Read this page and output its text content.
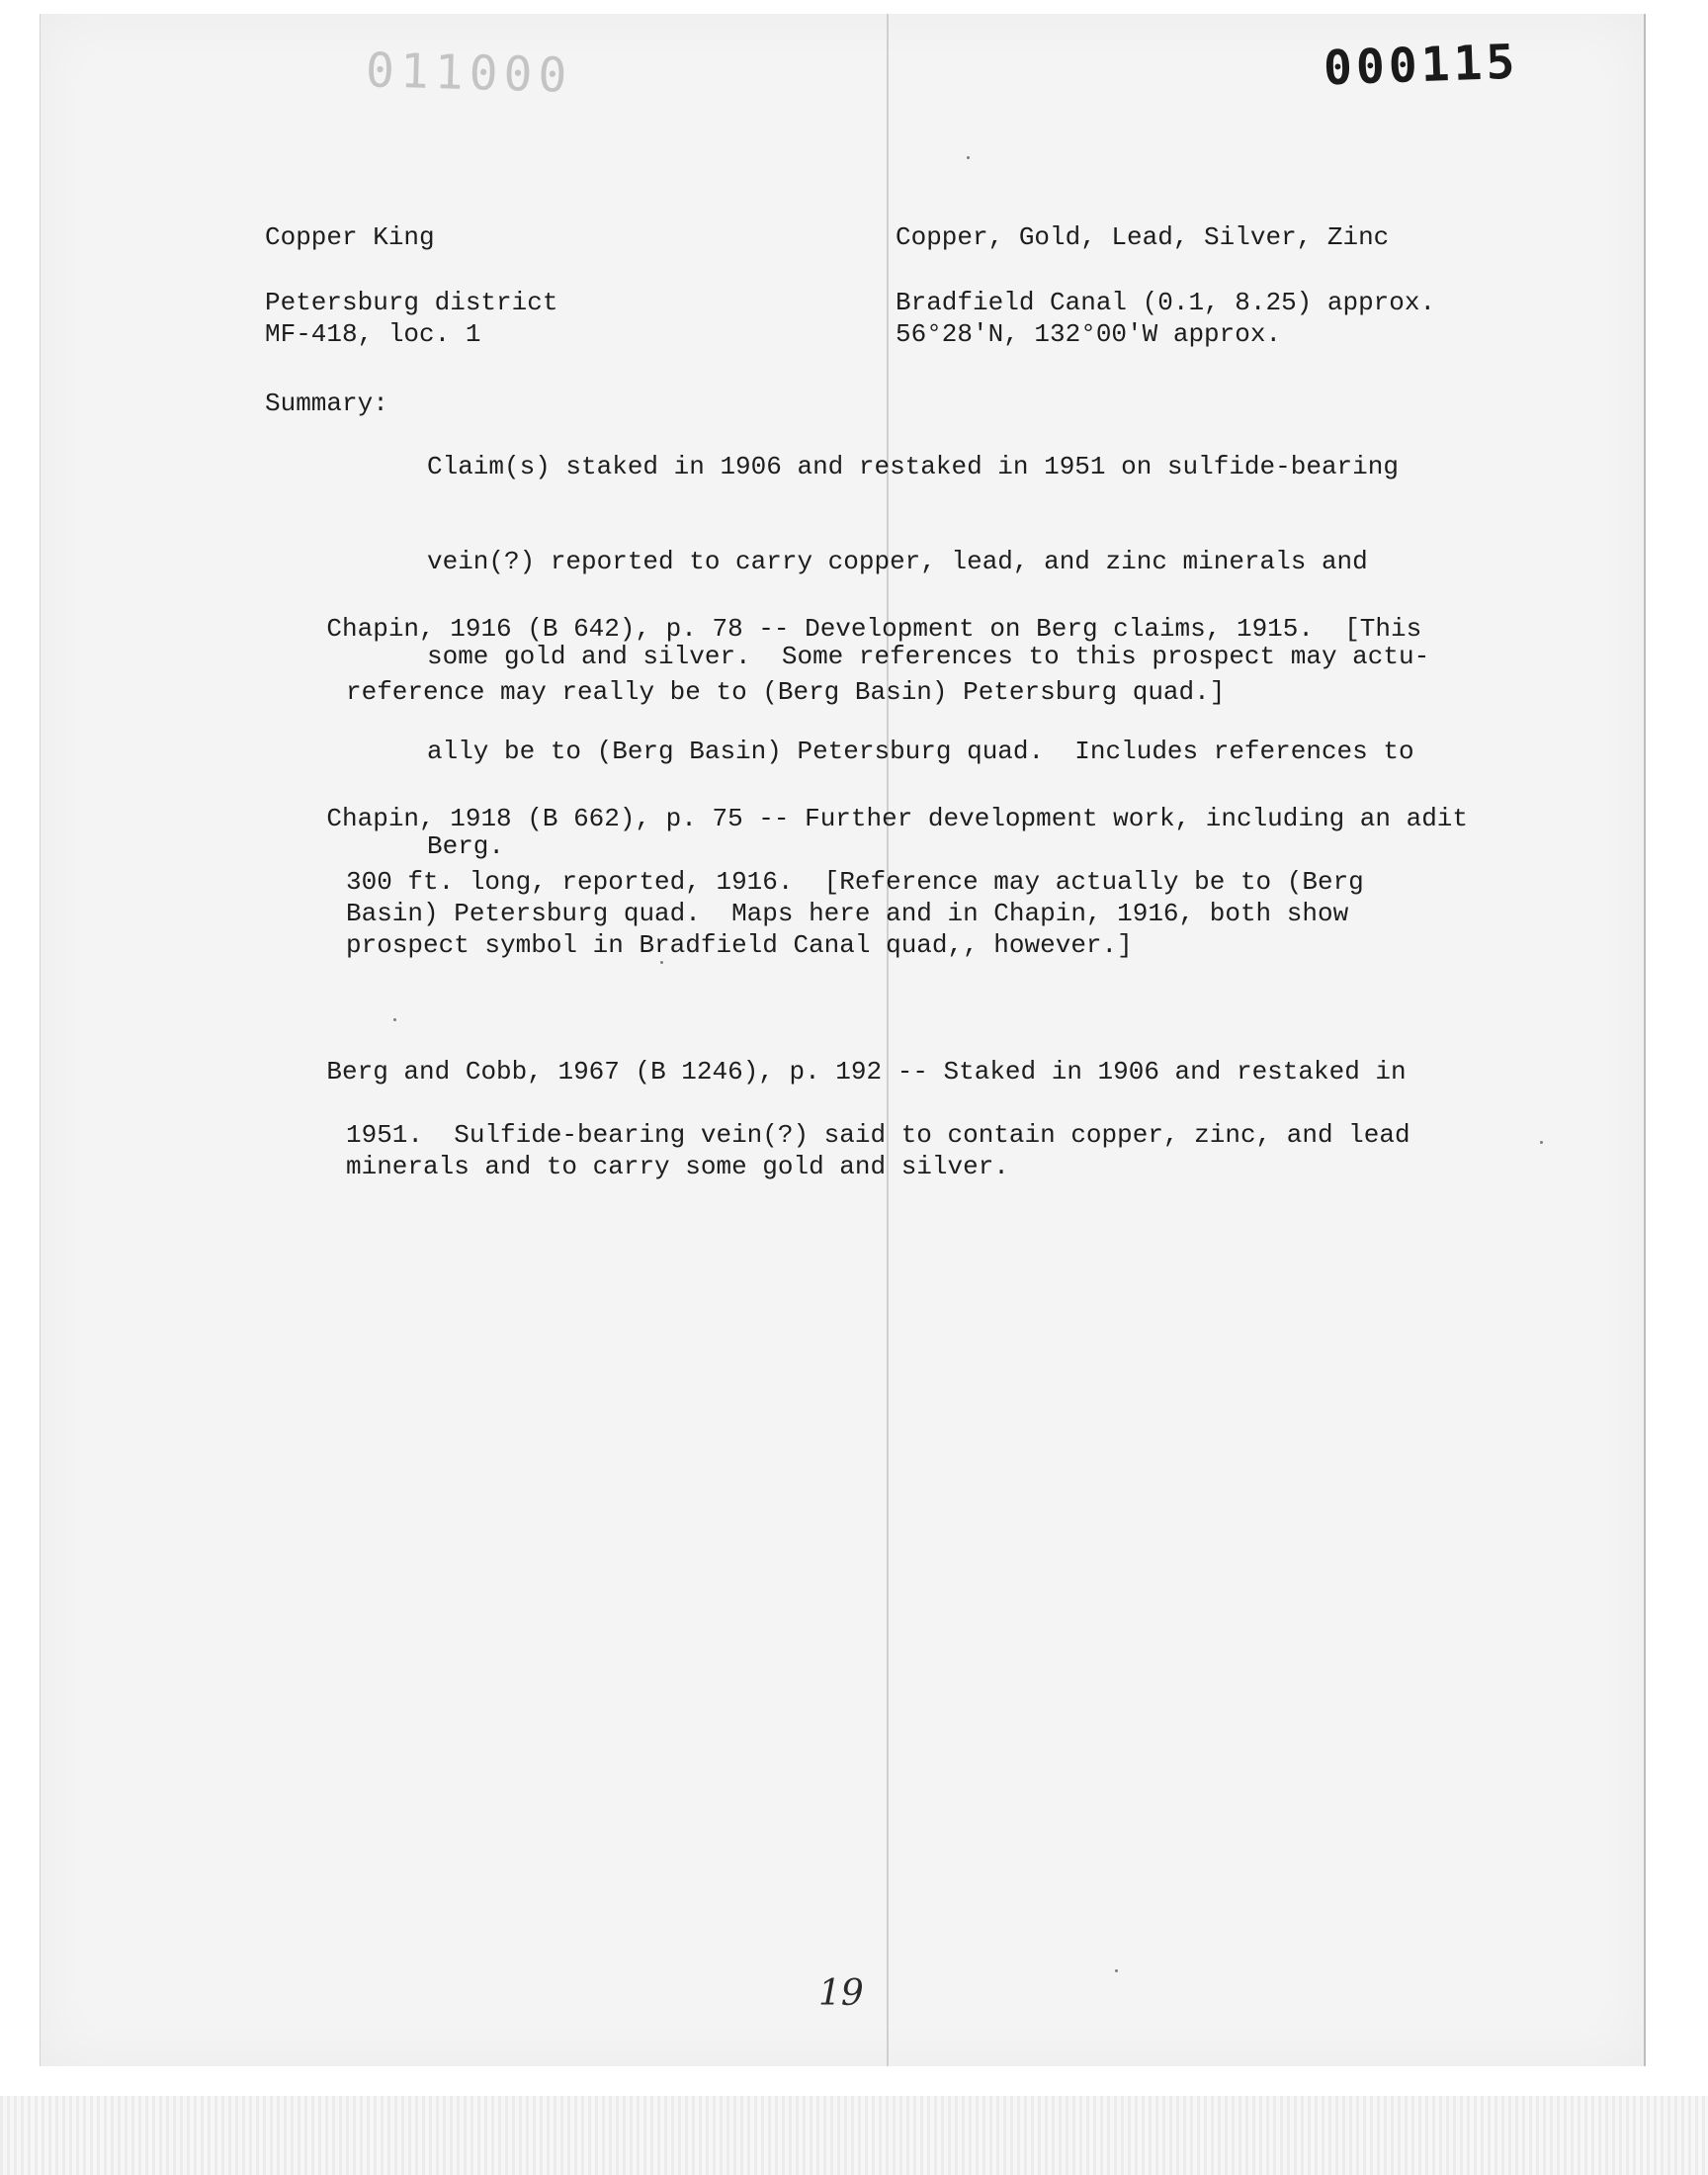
011000	000115
Copper King	Copper, Gold, Lead, Silver, Zinc
Petersburg district	Bradfield Canal (0.1, 8.25) approx.
MF-418, loc. 1	56°28'N, 132°00'W approx.
Summary:

Claim(s) staked in 1906 and restaked in 1951 on sulfide-bearing

vein(?) reported to carry copper, lead, and zinc minerals and

some gold and silver.  Some references to this prospect may actu-

ally be to (Berg Basin) Petersburg quad.  Includes references to

Berg.

Chapin, 1916 (B 642), p. 78 -- Development on Berg claims, 1915.  [This

reference may really be to (Berg Basin) Petersburg quad.]

Chapin, 1918 (B 662), p. 75 -- Further development work, including an adit

300 ft. long, reported, 1916.  [Reference may actually be to (Berg
Basin) Petersburg quad.  Maps here and in Chapin, 1916, both show
prospect symbol in Bradfield Canal quad,, however.]

Berg and Cobb, 1967 (B 1246), p. 192 -- Staked in 1906 and restaked in

1951.  Sulfide-bearing vein(?) said to contain copper, zinc, and lead
minerals and to carry some gold and silver.

19
